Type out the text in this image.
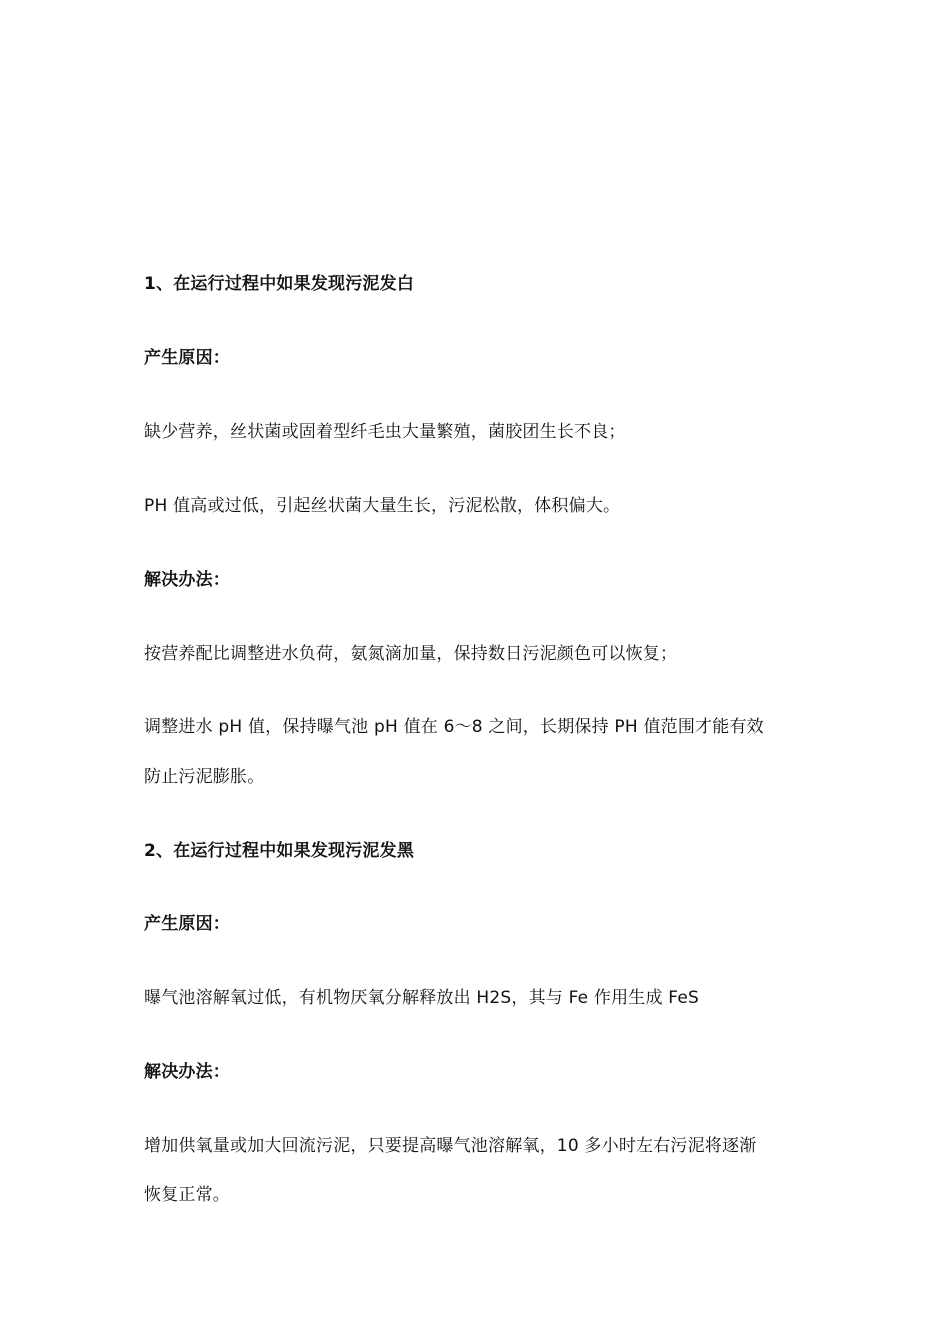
1、在运行过程中如果发现污泥发白
产生原因：
缺少营养，丝状菌或固着型纤毛虫大量繁殖，菌胶团生长不良；
PH 值高或过低，引起丝状菌大量生长，污泥松散，体积偏大。
解决办法：
按营养配比调整进水负荷，氨氮滴加量，保持数日污泥颜色可以恢复；
调整进水 pH 值，保持曝气池 pH 值在 6～8 之间，长期保持 PH 值范围才能有效
防止污泥膨胀。
2、在运行过程中如果发现污泥发黑
产生原因：
曝气池溶解氧过低，有机物厌氧分解释放出 H2S，其与 Fe 作用生成 FeS
解决办法：
增加供氧量或加大回流污泥，只要提高曝气池溶解氧，10 多小时左右污泥将逐渐
恢复正常。
